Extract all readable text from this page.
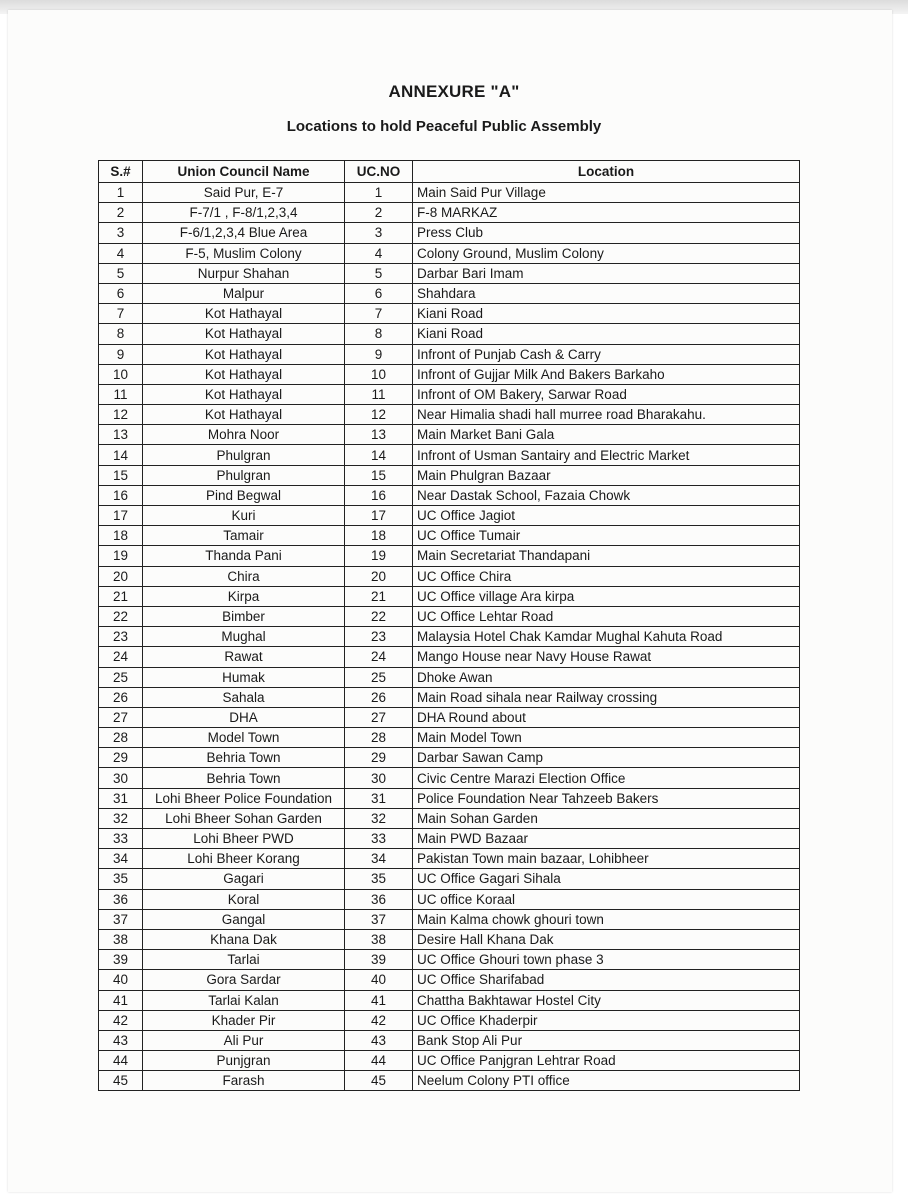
ANNEXURE "A"
Locations to hold Peaceful Public Assembly
S.#	Union Council Name	UC.NO	Location
1	Said Pur, E-7	1	Main Said Pur Village
2	F-7/1 , F-8/1,2,3,4	2	F-8 MARKAZ
3	F-6/1,2,3,4 Blue Area	3	Press Club
4	F-5, Muslim Colony	4	Colony Ground, Muslim Colony
5	Nurpur Shahan	5	Darbar Bari Imam
6	Malpur	6	Shahdara
7	Kot Hathayal	7	Kiani Road
8	Kot Hathayal	8	Kiani Road
9	Kot Hathayal	9	Infront of Punjab Cash & Carry
10	Kot Hathayal	10	Infront of Gujjar Milk And Bakers Barkaho
11	Kot Hathayal	11	Infront of OM Bakery, Sarwar Road
12	Kot Hathayal	12	Near Himalia shadi hall murree road Bharakahu.
13	Mohra Noor	13	Main Market Bani Gala
14	Phulgran	14	Infront of Usman Santairy and Electric Market
15	Phulgran	15	Main Phulgran Bazaar
16	Pind Begwal	16	Near Dastak School, Fazaia Chowk
17	Kuri	17	UC Office Jagiot
18	Tamair	18	UC Office Tumair
19	Thanda Pani	19	Main Secretariat Thandapani
20	Chira	20	UC Office Chira
21	Kirpa	21	UC Office village Ara kirpa
22	Bimber	22	UC Office Lehtar Road
23	Mughal	23	Malaysia Hotel Chak Kamdar Mughal Kahuta Road
24	Rawat	24	Mango House near Navy House Rawat
25	Humak	25	Dhoke Awan
26	Sahala	26	Main Road sihala near Railway crossing
27	DHA	27	DHA Round about
28	Model Town	28	Main Model Town
29	Behria Town	29	Darbar Sawan Camp
30	Behria Town	30	Civic Centre Marazi Election Office
31	Lohi Bheer Police Foundation	31	Police Foundation Near Tahzeeb Bakers
32	Lohi Bheer Sohan Garden	32	Main Sohan Garden
33	Lohi Bheer PWD	33	Main PWD Bazaar
34	Lohi Bheer Korang	34	Pakistan Town main bazaar, Lohibheer
35	Gagari	35	UC Office Gagari Sihala
36	Koral	36	UC office Koraal
37	Gangal	37	Main Kalma chowk ghouri town
38	Khana Dak	38	Desire Hall Khana Dak
39	Tarlai	39	UC Office Ghouri town phase 3
40	Gora Sardar	40	UC Office Sharifabad
41	Tarlai Kalan	41	Chattha Bakhtawar Hostel City
42	Khader Pir	42	UC Office Khaderpir
43	Ali Pur	43	Bank Stop Ali Pur
44	Punjgran	44	UC Office Panjgran Lehtrar Road
45	Farash	45	Neelum Colony PTI office
